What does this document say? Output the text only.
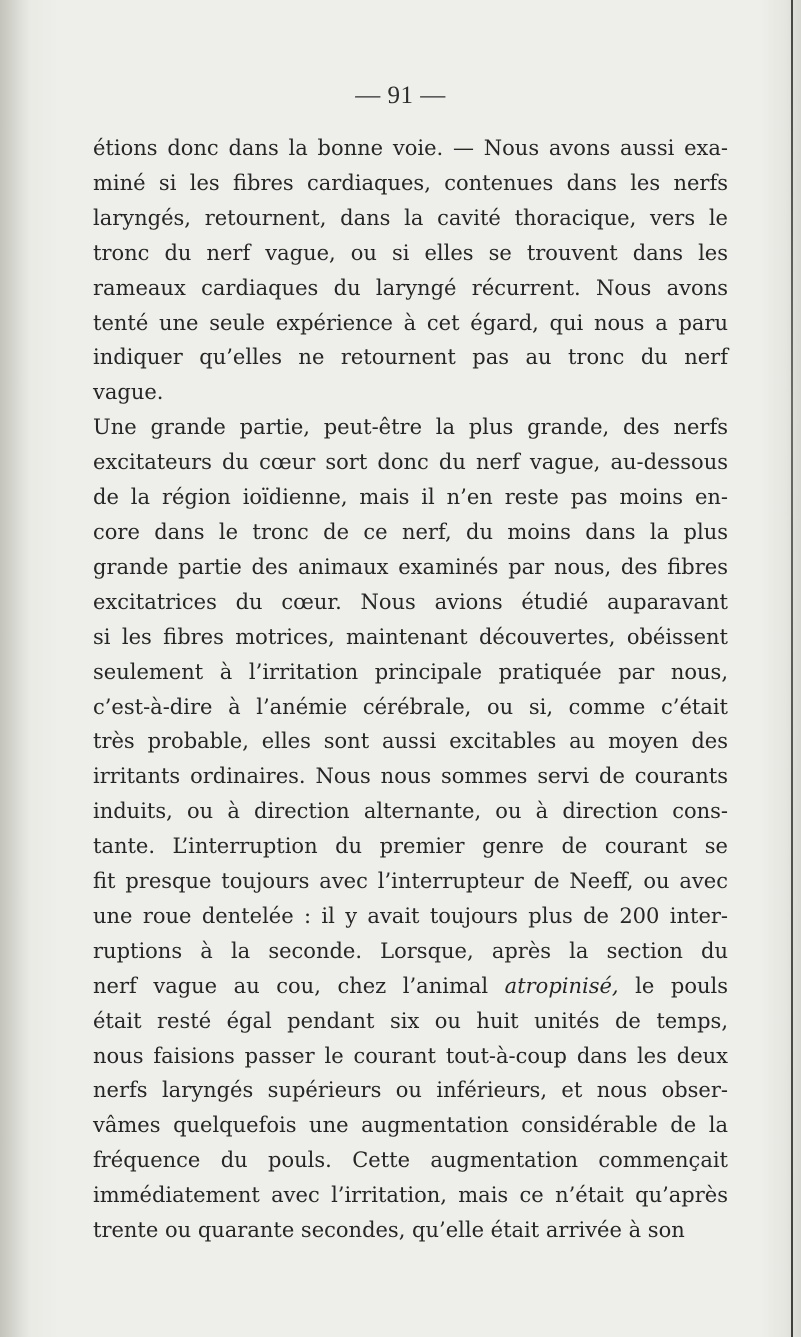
— 91 —
étions donc dans la bonne voie. — Nous avons aussi exa-
miné si les fibres cardiaques, contenues dans les nerfs
laryngés, retournent, dans la cavité thoracique, vers le
tronc du nerf vague, ou si elles se trouvent dans les
rameaux cardiaques du laryngé récurrent. Nous avons
tenté une seule expérience à cet égard, qui nous a paru
indiquer qu’elles ne retournent pas au tronc du nerf
vague.
Une grande partie, peut-être la plus grande, des nerfs
excitateurs du cœur sort donc du nerf vague, au-dessous
de la région ioïdienne, mais il n’en reste pas moins en-
core dans le tronc de ce nerf, du moins dans la plus
grande partie des animaux examinés par nous, des fibres
excitatrices du cœur. Nous avions étudié auparavant
si les fibres motrices, maintenant découvertes, obéissent
seulement à l’irritation principale pratiquée par nous,
c’est-à-dire à l’anémie cérébrale, ou si, comme c’était
très probable, elles sont aussi excitables au moyen des
irritants ordinaires. Nous nous sommes servi de courants
induits, ou à direction alternante, ou à direction cons-
tante. L’interruption du premier genre de courant se
fit presque toujours avec l’interrupteur de Neeff, ou avec
une roue dentelée : il y avait toujours plus de 200 inter-
ruptions à la seconde. Lorsque, après la section du
nerf vague au cou, chez l’animal atropinisé, le pouls
était resté égal pendant six ou huit unités de temps,
nous faisions passer le courant tout-à-coup dans les deux
nerfs laryngés supérieurs ou inférieurs, et nous obser-
vâmes quelquefois une augmentation considérable de la
fréquence du pouls. Cette augmentation commençait
immédiatement avec l’irritation, mais ce n’était qu’après
trente ou quarante secondes, qu’elle était arrivée à son
